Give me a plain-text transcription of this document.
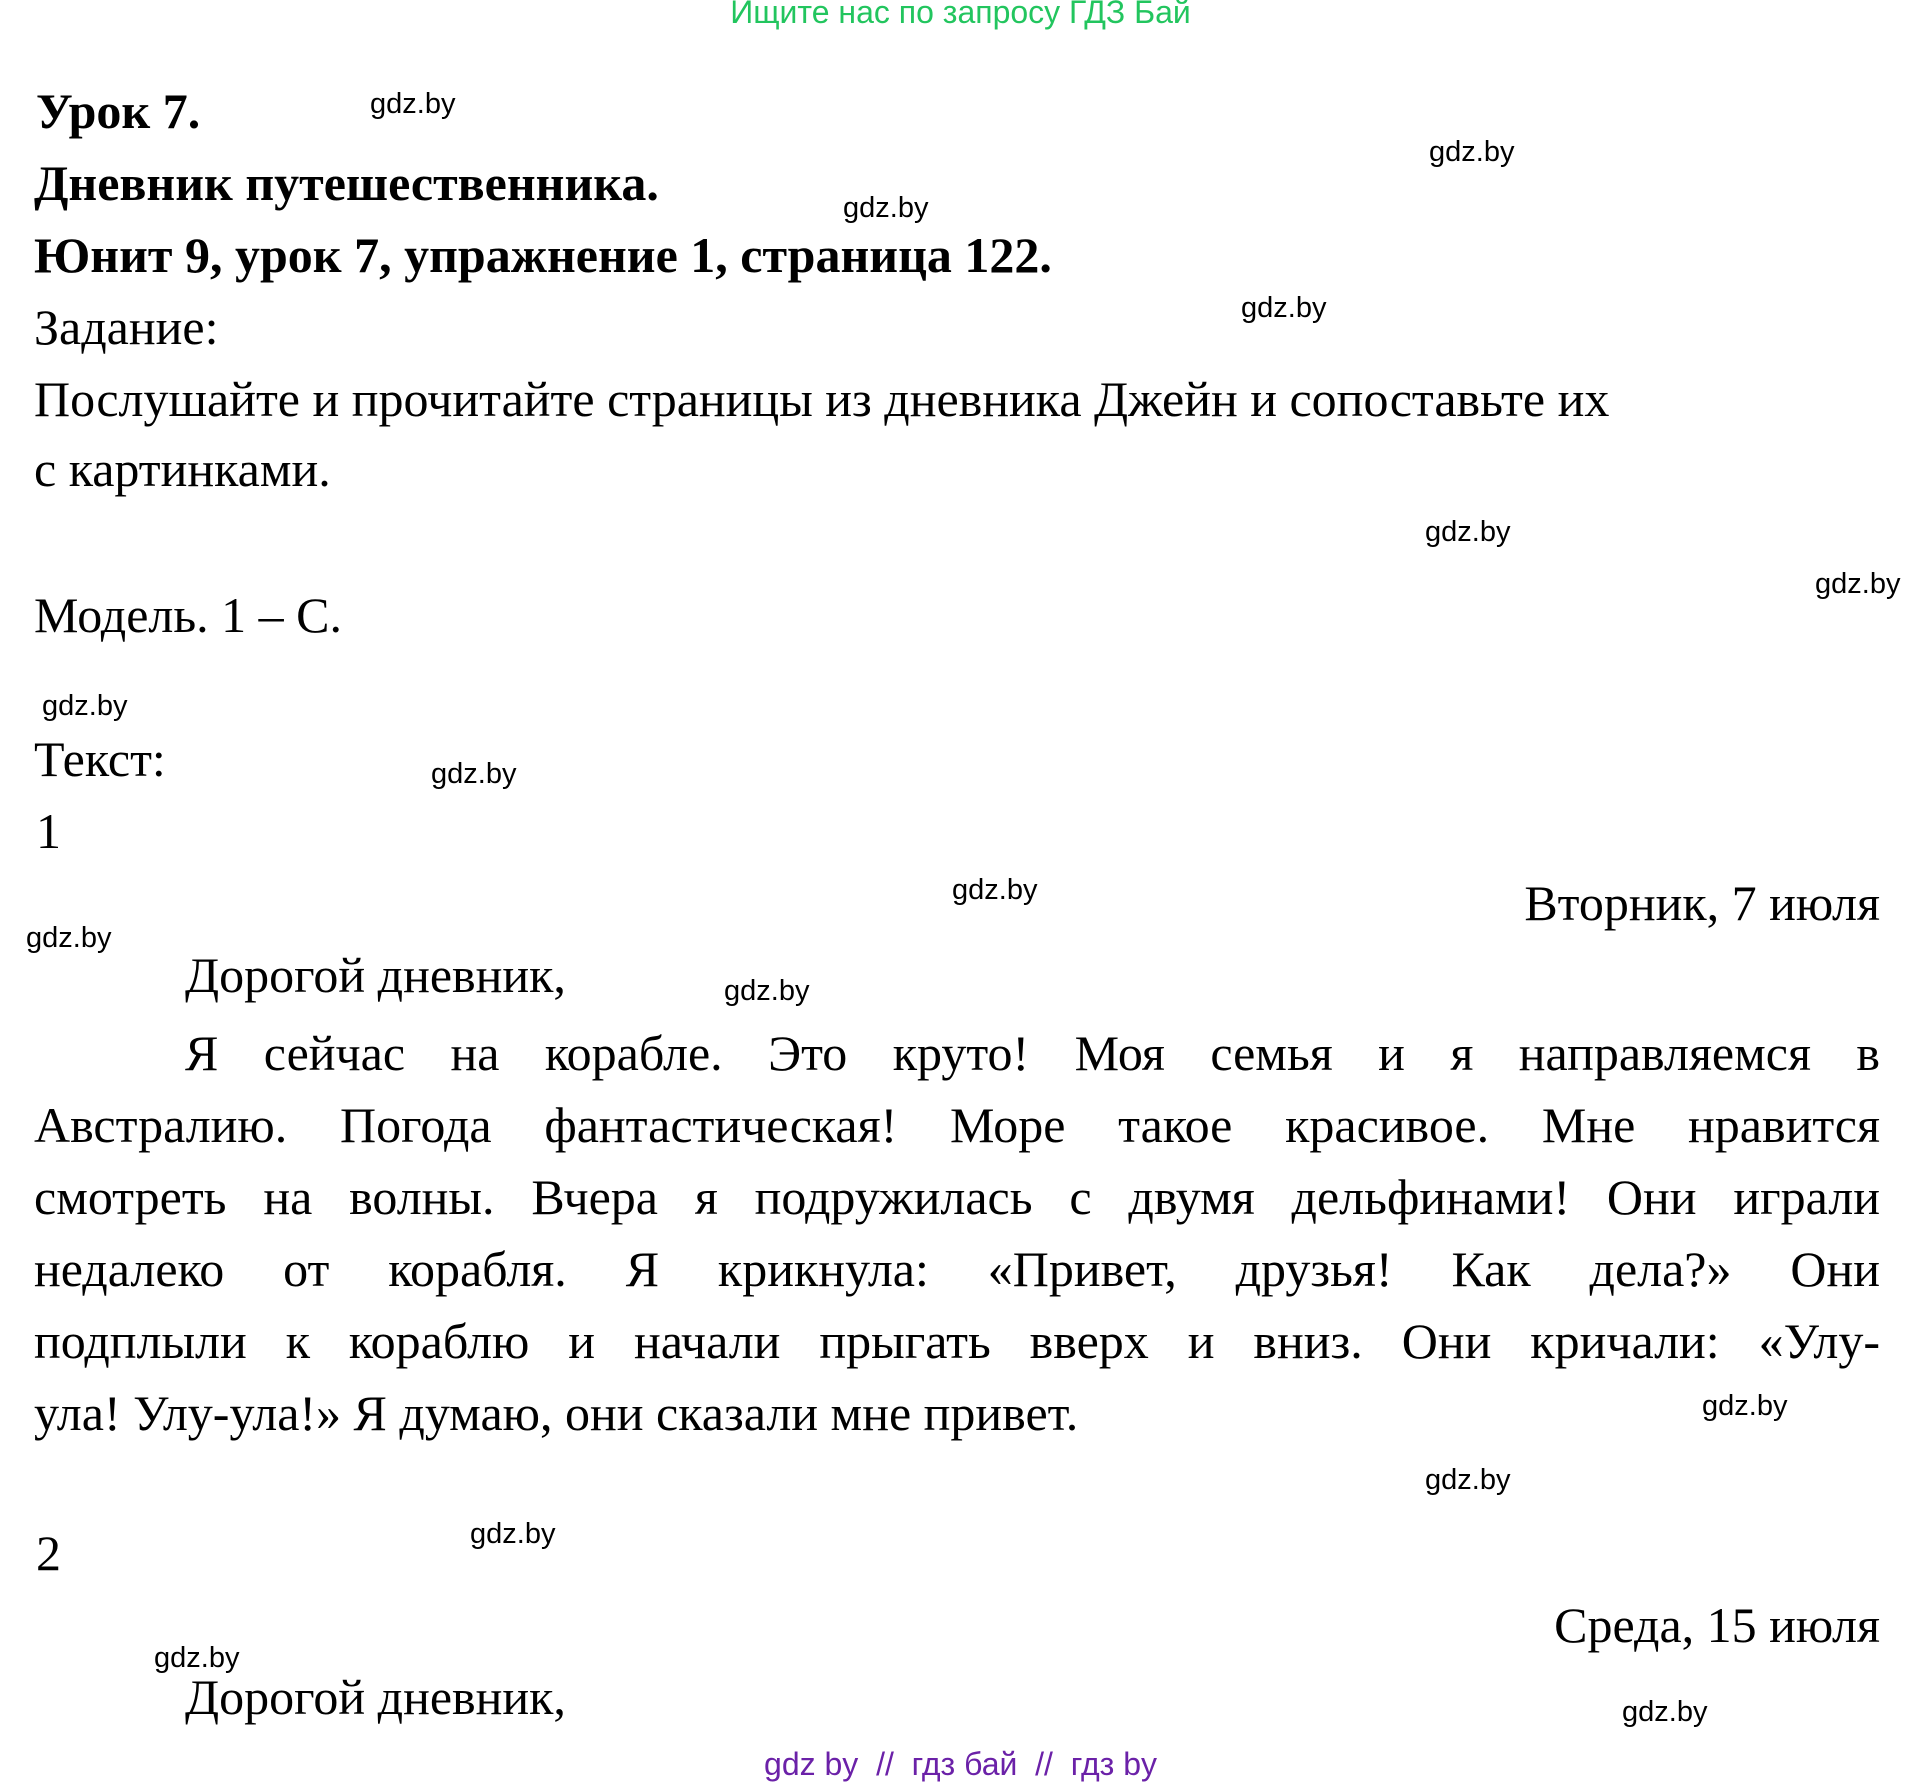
Ищите нас по запросу ГДЗ Бай
Урок 7.
Дневник путешественника.
Юнит 9, урок 7, упражнение 1, страница 122.
Задание:
Послушайте и прочитайте страницы из дневника Джейн и сопоставьте их
с картинками.
Модель. 1 – С.
Текст:
1
Вторник, 7 июля
Дорогой дневник,
Я сейчас на корабле. Это круто! Моя семья и я направляемся в
Австралию. Погода фантастическая! Море такое красивое. Мне нравится
смотреть на волны. Вчера я подружилась с двумя дельфинами! Они играли
недалеко от корабля. Я крикнула: «Привет, друзья! Как дела?» Они
подплыли к кораблю и начали прыгать вверх и вниз. Они кричали: «Улу-
ула! Улу-ула!» Я думаю, они сказали мне привет.
2
Среда, 15 июля
Дорогой дневник,
gdz.by
gdz.by
gdz.by
gdz.by
gdz.by
gdz.by
gdz.by
gdz.by
gdz.by
gdz.by
gdz.by
gdz.by
gdz.by
gdz.by
gdz.by
gdz.by
gdz by  //  гдз бай  //  гдз by
